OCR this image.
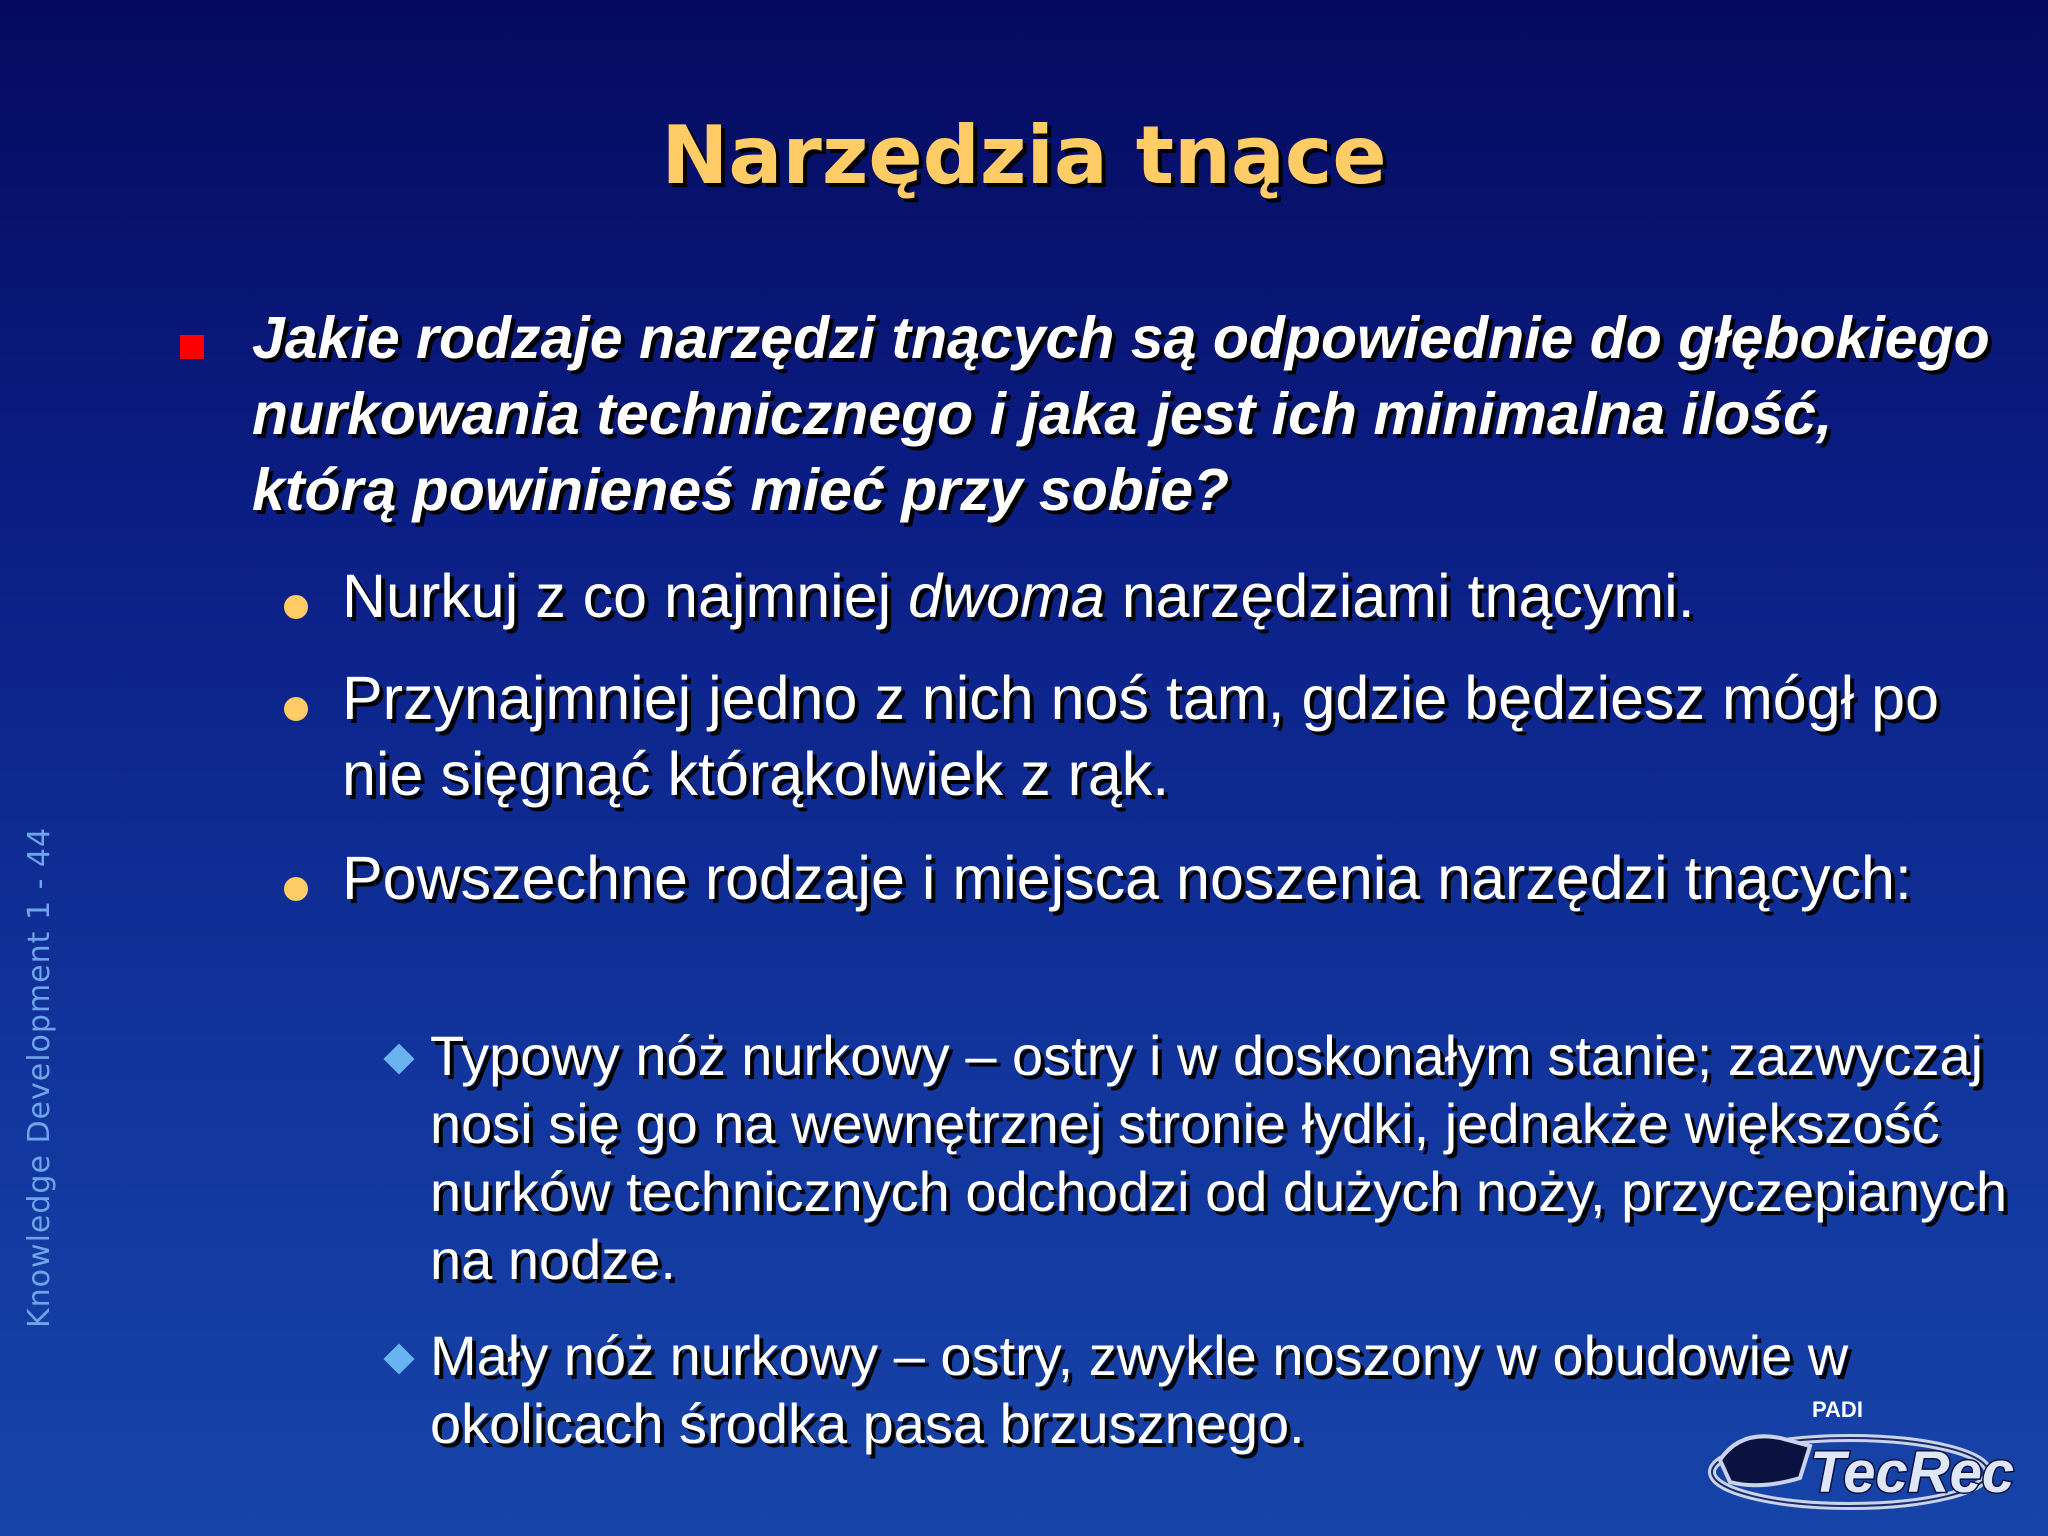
Narzędzia tnące
Knowledge Development 1 - 44
Jakie rodzaje narzędzi tnących są odpowiednie do głębokiego nurkowania technicznego i jaka jest ich minimalna ilość, którą powinieneś mieć przy sobie?
Nurkuj z co najmniej dwoma narzędziami tnącymi.
Przynajmniej jedno z nich noś tam, gdzie będziesz mógł po nie sięgnąć którąkolwiek z rąk.
Powszechne rodzaje i miejsca noszenia narzędzi tnących:
Typowy nóż nurkowy – ostry i w doskonałym stanie; zazwyczaj nosi się go na wewnętrznej stronie łydki, jednakże większość nurków technicznych odchodzi od dużych noży, przyczepianych na nodze.
Mały nóż nurkowy – ostry, zwykle noszony w obudowie w okolicach środka pasa brzusznego.	PADI
TecRec
